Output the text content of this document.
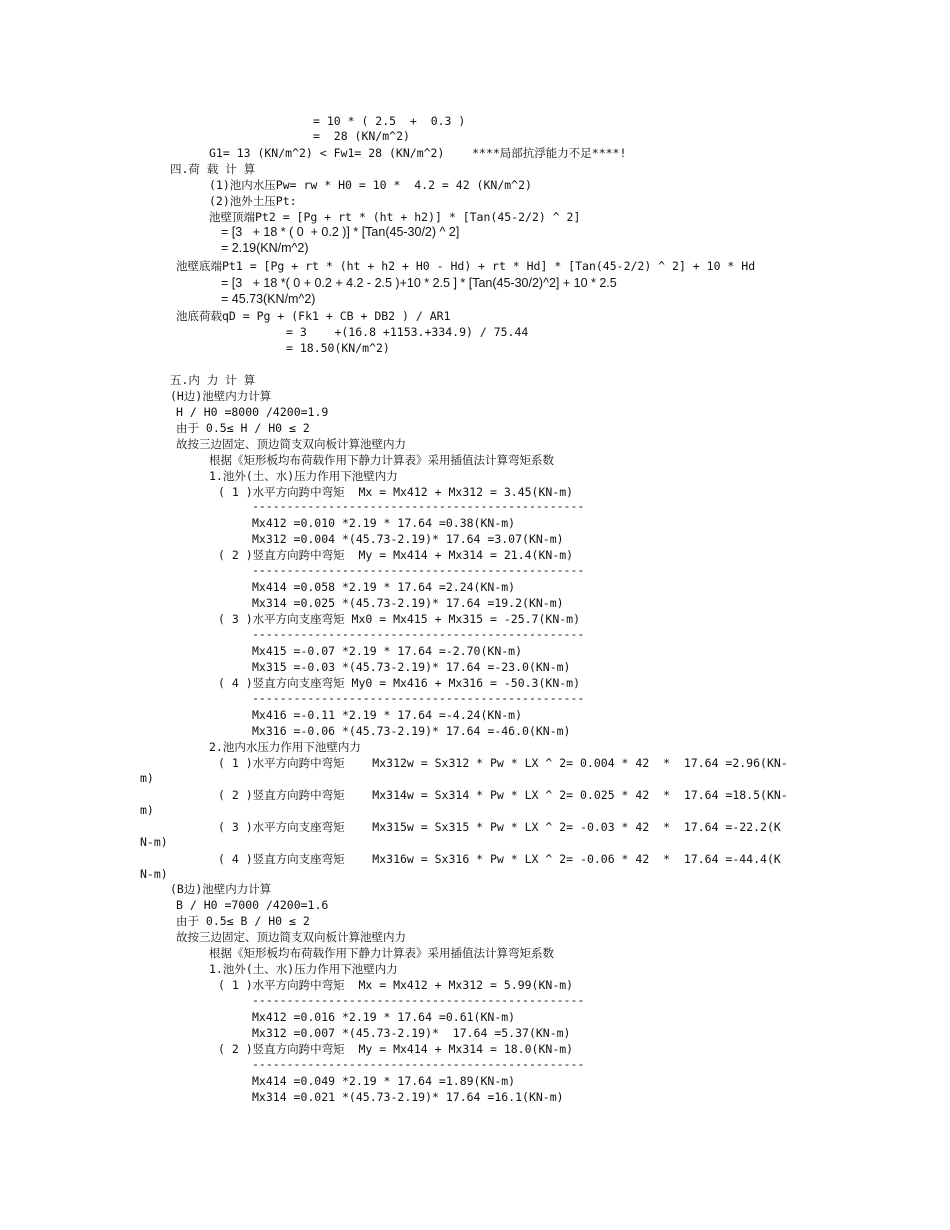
= 10 * ( 2.5  +  0.3 )
=  28 (KN/m^2)
G1= 13 (KN/m^2) < Fw1= 28 (KN/m^2)    ****局部抗浮能力不足****!
四.荷 载 计 算
(1)池内水压Pw= rw * H0 = 10 *  4.2 = 42 (KN/m^2)
(2)池外土压Pt:
池壁顶端Pt2 = [Pg + rt * (ht + h2)] * [Tan(45-2/2) ^ 2]
= [3   + 18 * ( 0  + 0.2 )] * [Tan(45-30/2) ^ 2]
= 2.19(KN/m^2)
池壁底端Pt1 = [Pg + rt * (ht + h2 + H0 - Hd) + rt * Hd] * [Tan(45-2/2) ^ 2] + 10 * Hd
= [3   + 18 *( 0 + 0.2 + 4.2 - 2.5 )+10 * 2.5 ] * [Tan(45-30/2)^2] + 10 * 2.5
= 45.73(KN/m^2)
池底荷载qD = Pg + (Fk1 + CB + DB2 ) / AR1
= 3    +(16.8 +1153.+334.9) / 75.44
= 18.50(KN/m^2)
五.内 力 计 算
(H边)池壁内力计算
H / H0 =8000 /4200=1.9
由于 0.5≤ H / H0 ≤ 2
故按三边固定、顶边简支双向板计算池壁内力
根据《矩形板均布荷载作用下静力计算表》采用插值法计算弯矩系数
1.池外(土、水)压力作用下池壁内力
( 1 )水平方向跨中弯矩  Mx = Mx412 + Mx312 = 3.45(KN-m)
------------------------------------------------
Mx412 =0.010 *2.19 * 17.64 =0.38(KN-m)
Mx312 =0.004 *(45.73-2.19)* 17.64 =3.07(KN-m)
( 2 )竖直方向跨中弯矩  My = Mx414 + Mx314 = 21.4(KN-m)
------------------------------------------------
Mx414 =0.058 *2.19 * 17.64 =2.24(KN-m)
Mx314 =0.025 *(45.73-2.19)* 17.64 =19.2(KN-m)
( 3 )水平方向支座弯矩 Mx0 = Mx415 + Mx315 = -25.7(KN-m)
------------------------------------------------
Mx415 =-0.07 *2.19 * 17.64 =-2.70(KN-m)
Mx315 =-0.03 *(45.73-2.19)* 17.64 =-23.0(KN-m)
( 4 )竖直方向支座弯矩 My0 = Mx416 + Mx316 = -50.3(KN-m)
------------------------------------------------
Mx416 =-0.11 *2.19 * 17.64 =-4.24(KN-m)
Mx316 =-0.06 *(45.73-2.19)* 17.64 =-46.0(KN-m)
2.池内水压力作用下池壁内力
( 1 )水平方向跨中弯矩    Mx312w = Sx312 * Pw * LX ^ 2= 0.004 * 42  *  17.64 =2.96(KN-
m)
( 2 )竖直方向跨中弯矩    Mx314w = Sx314 * Pw * LX ^ 2= 0.025 * 42  *  17.64 =18.5(KN-
m)
( 3 )水平方向支座弯矩    Mx315w = Sx315 * Pw * LX ^ 2= -0.03 * 42  *  17.64 =-22.2(K
N-m)
( 4 )竖直方向支座弯矩    Mx316w = Sx316 * Pw * LX ^ 2= -0.06 * 42  *  17.64 =-44.4(K
N-m)
(B边)池壁内力计算
B / H0 =7000 /4200=1.6
由于 0.5≤ B / H0 ≤ 2
故按三边固定、顶边简支双向板计算池壁内力
根据《矩形板均布荷载作用下静力计算表》采用插值法计算弯矩系数
1.池外(土、水)压力作用下池壁内力
( 1 )水平方向跨中弯矩  Mx = Mx412 + Mx312 = 5.99(KN-m)
------------------------------------------------
Mx412 =0.016 *2.19 * 17.64 =0.61(KN-m)
Mx312 =0.007 *(45.73-2.19)*  17.64 =5.37(KN-m)
( 2 )竖直方向跨中弯矩  My = Mx414 + Mx314 = 18.0(KN-m)
------------------------------------------------
Mx414 =0.049 *2.19 * 17.64 =1.89(KN-m)
Mx314 =0.021 *(45.73-2.19)* 17.64 =16.1(KN-m)
